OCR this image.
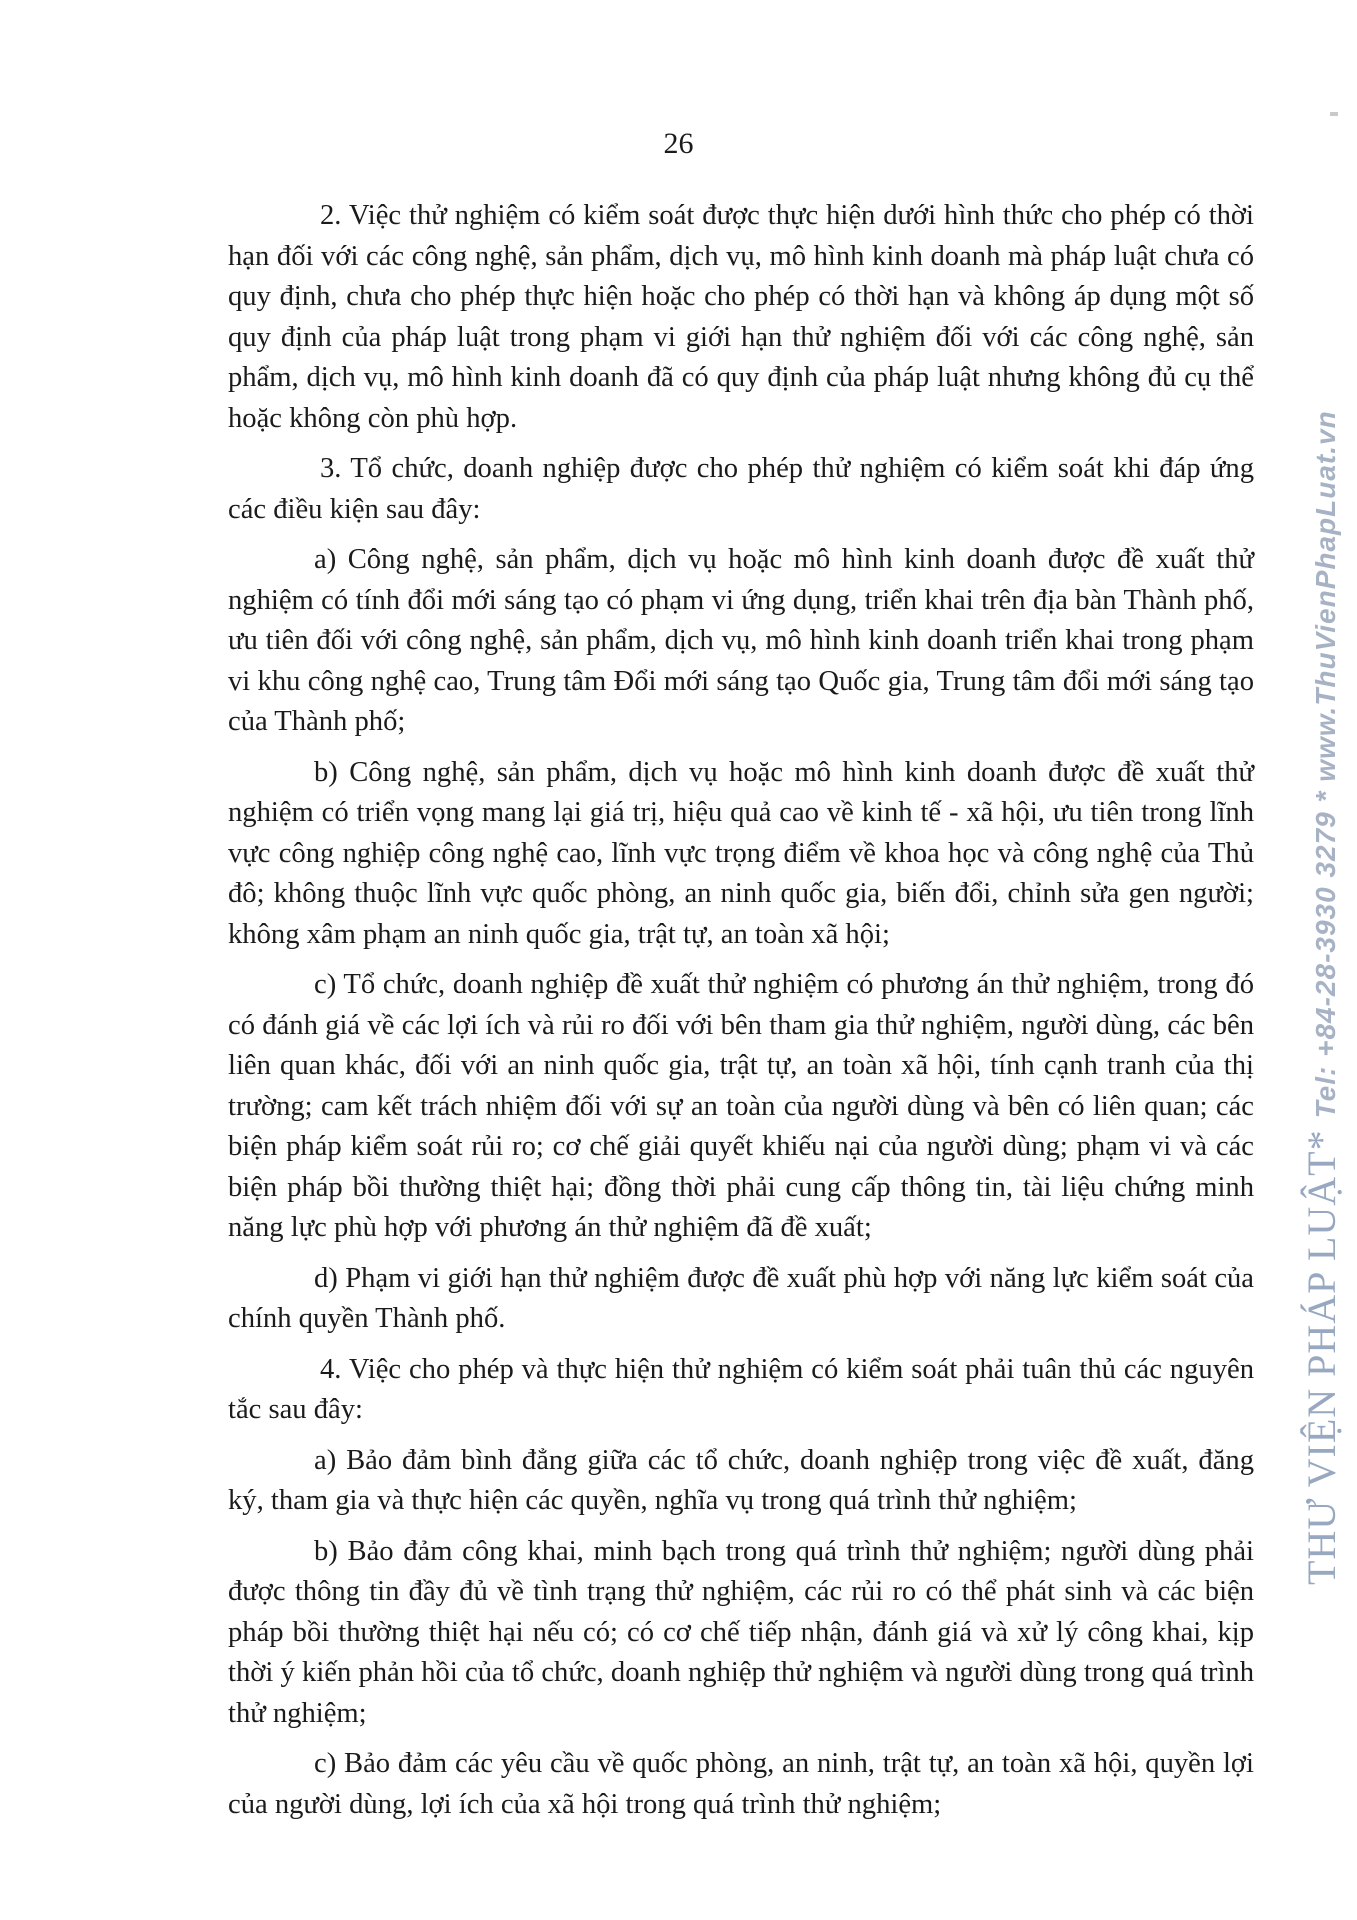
26

2. Việc thử nghiệm có kiểm soát được thực hiện dưới hình thức cho phép có thời hạn đối với các công nghệ, sản phẩm, dịch vụ, mô hình kinh doanh mà pháp luật chưa có quy định, chưa cho phép thực hiện hoặc cho phép có thời hạn và không áp dụng một số quy định của pháp luật trong phạm vi giới hạn thử nghiệm đối với các công nghệ, sản phẩm, dịch vụ, mô hình kinh doanh đã có quy định của pháp luật nhưng không đủ cụ thể hoặc không còn phù hợp.

3. Tổ chức, doanh nghiệp được cho phép thử nghiệm có kiểm soát khi đáp ứng các điều kiện sau đây:

a) Công nghệ, sản phẩm, dịch vụ hoặc mô hình kinh doanh được đề xuất thử nghiệm có tính đổi mới sáng tạo có phạm vi ứng dụng, triển khai trên địa bàn Thành phố, ưu tiên đối với công nghệ, sản phẩm, dịch vụ, mô hình kinh doanh triển khai trong phạm vi khu công nghệ cao, Trung tâm Đổi mới sáng tạo Quốc gia, Trung tâm đổi mới sáng tạo của Thành phố;

b) Công nghệ, sản phẩm, dịch vụ hoặc mô hình kinh doanh được đề xuất thử nghiệm có triển vọng mang lại giá trị, hiệu quả cao về kinh tế - xã hội, ưu tiên trong lĩnh vực công nghiệp công nghệ cao, lĩnh vực trọng điểm về khoa học và công nghệ của Thủ đô; không thuộc lĩnh vực quốc phòng, an ninh quốc gia, biến đổi, chỉnh sửa gen người; không xâm phạm an ninh quốc gia, trật tự, an toàn xã hội;

c) Tổ chức, doanh nghiệp đề xuất thử nghiệm có phương án thử nghiệm, trong đó có đánh giá về các lợi ích và rủi ro đối với bên tham gia thử nghiệm, người dùng, các bên liên quan khác, đối với an ninh quốc gia, trật tự, an toàn xã hội, tính cạnh tranh của thị trường; cam kết trách nhiệm đối với sự an toàn của người dùng và bên có liên quan; các biện pháp kiểm soát rủi ro; cơ chế giải quyết khiếu nại của người dùng; phạm vi và các biện pháp bồi thường thiệt hại; đồng thời phải cung cấp thông tin, tài liệu chứng minh năng lực phù hợp với phương án thử nghiệm đã đề xuất;

d) Phạm vi giới hạn thử nghiệm được đề xuất phù hợp với năng lực kiểm soát của chính quyền Thành phố.

4. Việc cho phép và thực hiện thử nghiệm có kiểm soát phải tuân thủ các nguyên tắc sau đây:

a) Bảo đảm bình đẳng giữa các tổ chức, doanh nghiệp trong việc đề xuất, đăng ký, tham gia và thực hiện các quyền, nghĩa vụ trong quá trình thử nghiệm;

b) Bảo đảm công khai, minh bạch trong quá trình thử nghiệm; người dùng phải được thông tin đầy đủ về tình trạng thử nghiệm, các rủi ro có thể phát sinh và các biện pháp bồi thường thiệt hại nếu có; có cơ chế tiếp nhận, đánh giá và xử lý công khai, kịp thời ý kiến phản hồi của tổ chức, doanh nghiệp thử nghiệm và người dùng trong quá trình thử nghiệm;

c) Bảo đảm các yêu cầu về quốc phòng, an ninh, trật tự, an toàn xã hội, quyền lợi của người dùng, lợi ích của xã hội trong quá trình thử nghiệm;

THƯ VIỆN PHÁP LUẬT* Tel: +84-28-3930 3279 * www.ThuVienPhapLuat.vn
